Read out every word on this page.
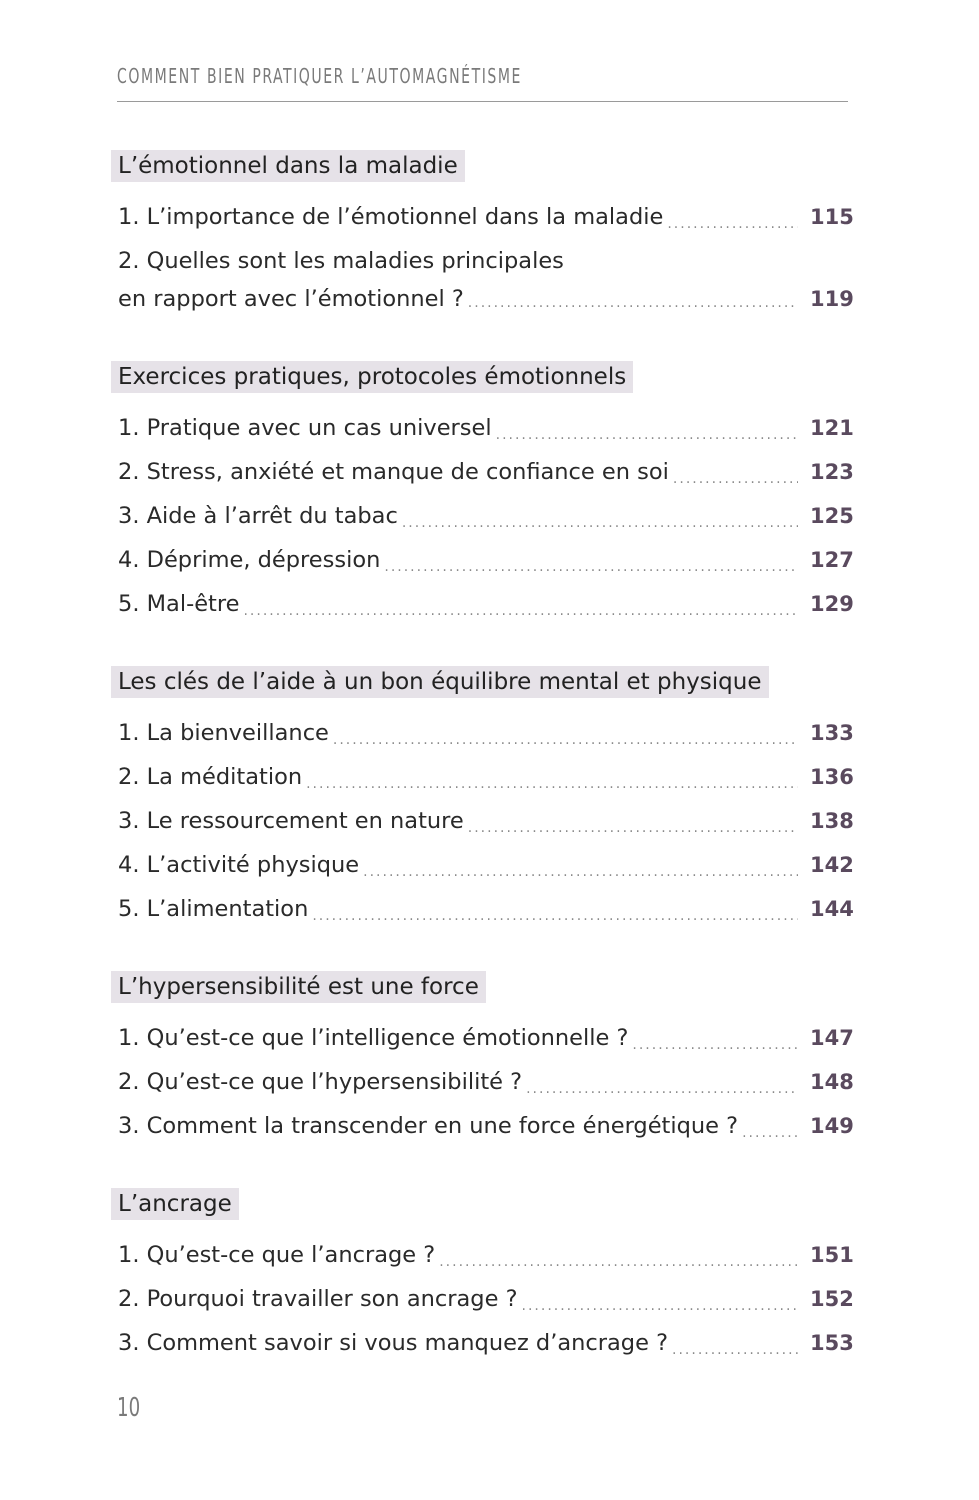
COMMENT BIEN PRATIQUER L’AUTOMAGNÉTISME
L’émotionnel dans la maladie
1. L’importance de l’émotionnel dans la maladie .....	115
2. Quelles sont les maladies principales
en rapport avec l’émotionnel ? .....	119
Exercices pratiques, protocoles émotionnels
1. Pratique avec un cas universel .....	121
2. Stress, anxiété et manque de confiance en soi .....	123
3. Aide à l’arrêt du tabac .....	125
4. Déprime, dépression .....	127
5. Mal-être .....	129
Les clés de l’aide à un bon équilibre mental et physique
1. La bienveillance .....	133
2. La méditation .....	136
3. Le ressourcement en nature .....	138
4. L’activité physique .....	142
5. L’alimentation .....	144
L’hypersensibilité est une force
1. Qu’est-ce que l’intelligence émotionnelle ? .....	147
2. Qu’est-ce que l’hypersensibilité ? .....	148
3. Comment la transcender en une force énergétique ? .....	149
L’ancrage
1. Qu’est-ce que l’ancrage ? .....	151
2. Pourquoi travailler son ancrage ? .....	152
3. Comment savoir si vous manquez d’ancrage ? .....	153
10
